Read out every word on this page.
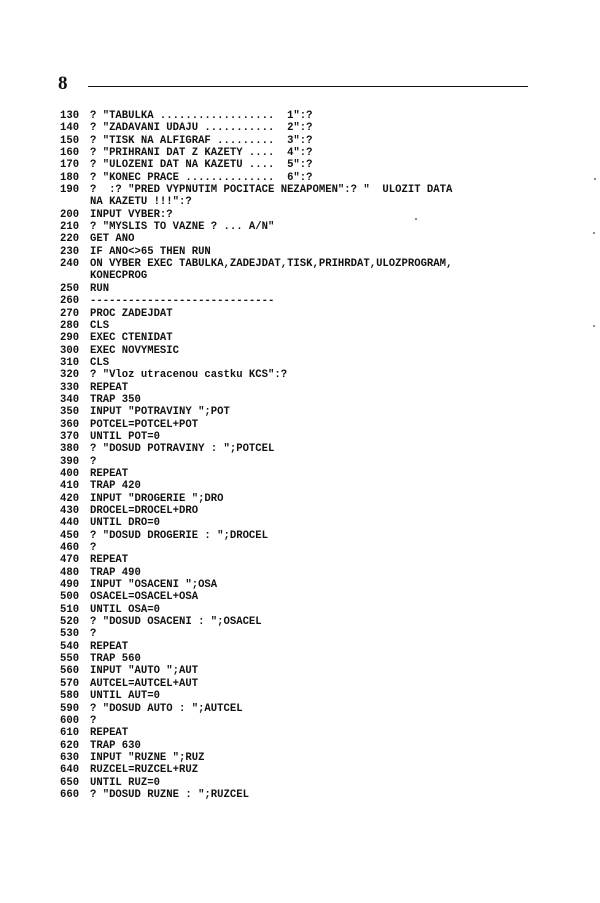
8
130	? "TABULKA ..................  1":?
140	? "ZADAVANI UDAJU ...........  2":?
150	? "TISK NA ALFIGRAF .........  3":?
160	? "PRIHRANI DAT Z KAZETY ....  4":?
170	? "ULOZENI DAT NA KAZETU ....  5":?
180	? "KONEC PRACE ..............  6":?
190	?  :? "PRED VYPNUTIM POCITACE NEZAPOMEN":? "  ULOZIT DATA
NA KAZETU !!!":?
200	INPUT VYBER:?
210	? "MYSLIS TO VAZNE ? ... A/N"
220	GET ANO
230	IF ANO<>65 THEN RUN
240	ON VYBER EXEC TABULKA,ZADEJDAT,TISK,PRIHRDAT,ULOZPROGRAM,
KONECPROG
250	RUN
260	-----------------------------
270	PROC ZADEJDAT
280	CLS
290	EXEC CTENIDAT
300	EXEC NOVYMESIC
310	CLS
320	? "Vloz utracenou castku KCS":?
330	REPEAT
340	TRAP 350
350	INPUT "POTRAVINY ";POT
360	POTCEL=POTCEL+POT
370	UNTIL POT=0
380	? "DOSUD POTRAVINY : ";POTCEL
390	?
400	REPEAT
410	TRAP 420
420	INPUT "DROGERIE ";DRO
430	DROCEL=DROCEL+DRO
440	UNTIL DRO=0
450	? "DOSUD DROGERIE : ";DROCEL
460	?
470	REPEAT
480	TRAP 490
490	INPUT "OSACENI ";OSA
500	OSACEL=OSACEL+OSA
510	UNTIL OSA=0
520	? "DOSUD OSACENI : ";OSACEL
530	?
540	REPEAT
550	TRAP 560
560	INPUT "AUTO ";AUT
570	AUTCEL=AUTCEL+AUT
580	UNTIL AUT=0
590	? "DOSUD AUTO : ";AUTCEL
600	?
610	REPEAT
620	TRAP 630
630	INPUT "RUZNE ";RUZ
640	RUZCEL=RUZCEL+RUZ
650	UNTIL RUZ=0
660	? "DOSUD RUZNE : ";RUZCEL
